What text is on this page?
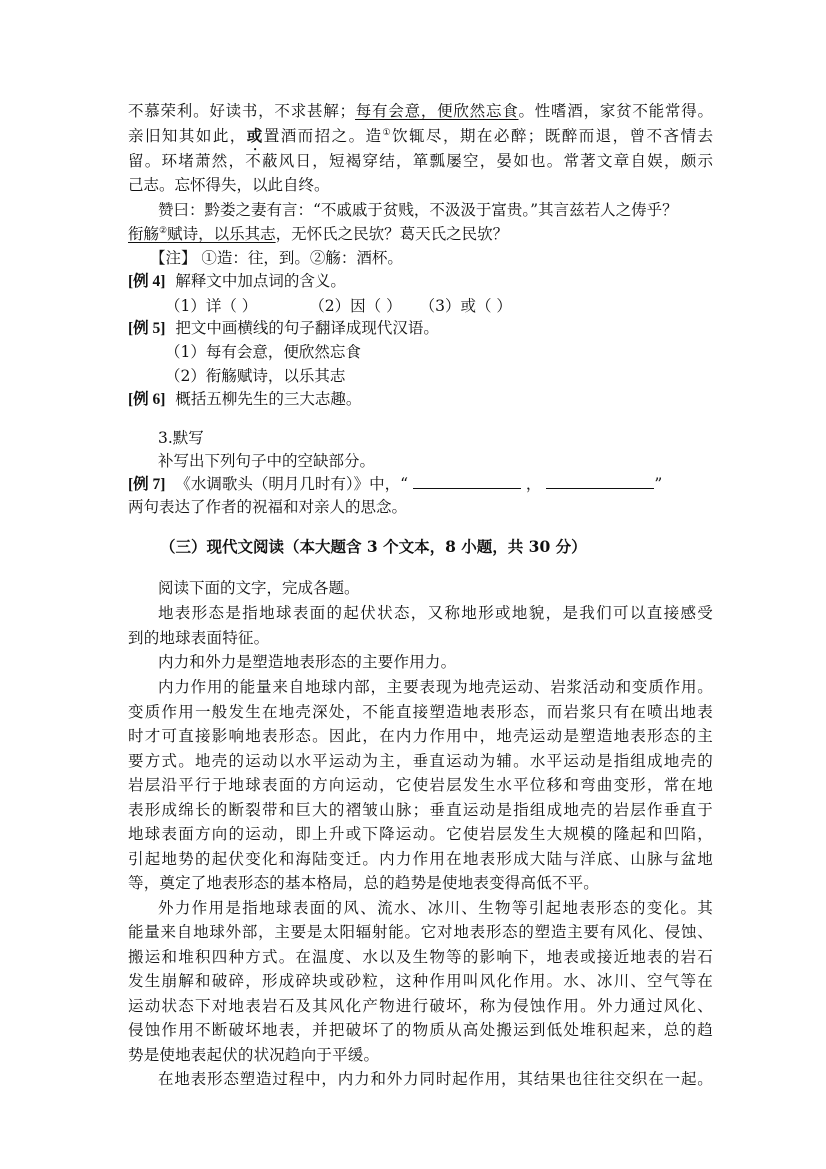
不慕荣利。好读书，不求甚解；每有会意，便欣然忘食。性嗜酒，家贫不能常得。
亲旧知其如此，或置酒而招之。造①饮辄尽，期在必醉；既醉而退，曾不吝情去
留。环堵萧然，不蔽风日，短褐穿结，箪瓢屡空，晏如也。常著文章自娱，颇示
己志。忘怀得失，以此自终。
赞曰：黔娄之妻有言：“不戚戚于贫贱，不汲汲于富贵。”其言兹若人之俦乎？
衔觞②赋诗，以乐其志，无怀氏之民欤？葛天氏之民欤？
【注】 ①造：往，到。②觞：酒杯。
[例 4] 解释文中加点词的含义。
（1）详（ ）	（2）因（ ） （3）或（ ）
[例 5] 把文中画横线的句子翻译成现代汉语。
（1）每有会意，便欣然忘食
（2）衔觞赋诗，以乐其志
[例 6] 概括五柳先生的三大志趣。
3.默写
补写出下列句子中的空缺部分。
[例 7] 《水调歌头（明月几时有）》中，“	，	”
两句表达了作者的祝福和对亲人的思念。
（三）现代文阅读（本大题含 3 个文本，8 小题，共 30 分）
阅读下面的文字，完成各题。
地表形态是指地球表面的起伏状态，又称地形或地貌，是我们可以直接感受
到的地球表面特征。
内力和外力是塑造地表形态的主要作用力。
内力作用的能量来自地球内部，主要表现为地壳运动、岩浆活动和变质作用。
变质作用一般发生在地壳深处，不能直接塑造地表形态，而岩浆只有在喷出地表
时才可直接影响地表形态。因此，在内力作用中，地壳运动是塑造地表形态的主
要方式。地壳的运动以水平运动为主，垂直运动为辅。水平运动是指组成地壳的
岩层沿平行于地球表面的方向运动，它使岩层发生水平位移和弯曲变形，常在地
表形成绵长的断裂带和巨大的褶皱山脉；垂直运动是指组成地壳的岩层作垂直于
地球表面方向的运动，即上升或下降运动。它使岩层发生大规模的隆起和凹陷，
引起地势的起伏变化和海陆变迁。内力作用在地表形成大陆与洋底、山脉与盆地
等，奠定了地表形态的基本格局，总的趋势是使地表变得高低不平。
外力作用是指地球表面的风、流水、冰川、生物等引起地表形态的变化。其
能量来自地球外部，主要是太阳辐射能。它对地表形态的塑造主要有风化、侵蚀、
搬运和堆积四种方式。在温度、水以及生物等的影响下，地表或接近地表的岩石
发生崩解和破碎，形成碎块或砂粒，这种作用叫风化作用。水、冰川、空气等在
运动状态下对地表岩石及其风化产物进行破坏，称为侵蚀作用。外力通过风化、
侵蚀作用不断破坏地表，并把破坏了的物质从高处搬运到低处堆积起来，总的趋
势是使地表起伏的状况趋向于平缓。
在地表形态塑造过程中，内力和外力同时起作用，其结果也往往交织在一起。
